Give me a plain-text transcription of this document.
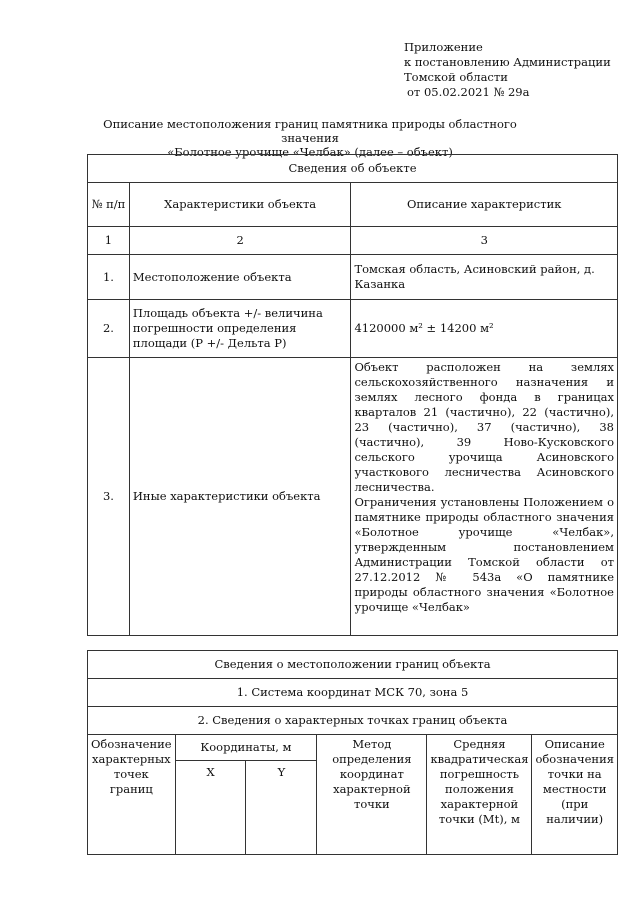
Приложение
к постановлению Администрации
Томской области
от 05.02.2021 № 29а
Описание местоположения границ памятника природы областного значения
«Болотное урочище «Челбак» (далее – объект)
Сведения об объекте		
№ п/п	Характеристики объекта	Описание характеристик
1	2	3
1.	Местоположение объекта	Томская область, Асиновский район, д. Казанка
2.	Площадь объекта +/- величина погрешности определения площади (Р +/- Дельта Р)	4120000 м² ± 14200 м²
3.	Иные характеристики объекта	Объект расположен на землях сельскохозяйственного назначения и землях лесного фонда в границах кварталов 21 (частично), 22 (частично), 23 (частично), 37 (частично), 38 (частично), 39 Ново-Кусковского сельского урочища Асиновского участкового лесничества Асиновского лесничества.
Ограничения установлены Положением о памятнике природы областного значения «Болотное урочище «Челбак», утвержденным постановлением Администрации Томской области от 27.12.2012 № 543а «О памятнике природы областного значения «Болотное урочище «Челбак»
Сведения о местоположении границ объекта					
1. Система координат МСК 70, зона 5					
2. Сведения о характерных точках границ объекта					
Обозначение характерных точек границ	Координаты, м		Метод определения координат характерной точки	Средняя квадратическая погрешность положения характерной точки (Mt), м	Описание обозначения точки на местности (при наличии)
	X	Y			
